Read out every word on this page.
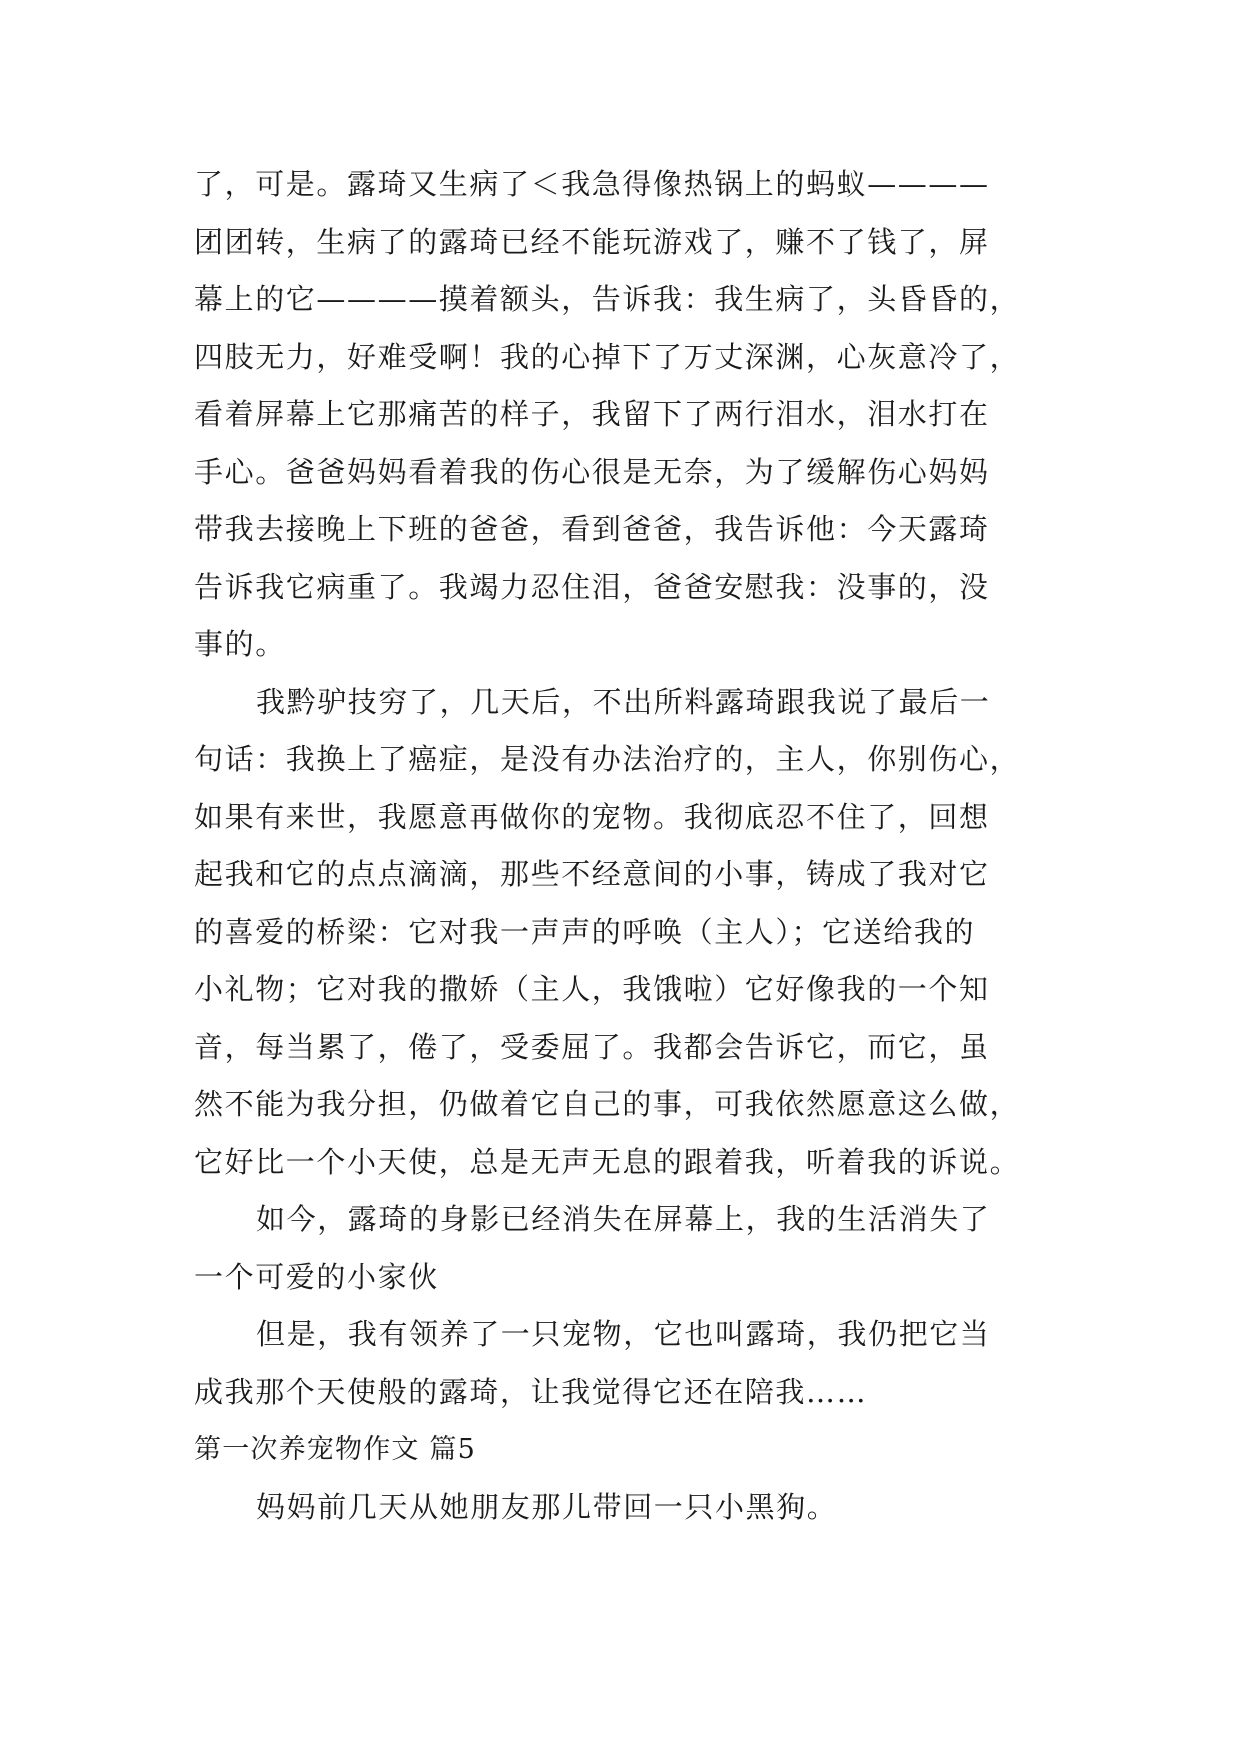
了，可是。露琦又生病了＜我急得像热锅上的蚂蚁————
团团转，生病了的露琦已经不能玩游戏了，赚不了钱了，屏
幕上的它————摸着额头，告诉我：我生病了，头昏昏的，
四肢无力，好难受啊！我的心掉下了万丈深渊，心灰意冷了，
看着屏幕上它那痛苦的样子，我留下了两行泪水，泪水打在
手心。爸爸妈妈看着我的伤心很是无奈，为了缓解伤心妈妈
带我去接晚上下班的爸爸，看到爸爸，我告诉他：今天露琦
告诉我它病重了。我竭力忍住泪，爸爸安慰我：没事的，没
事的。
我黔驴技穷了，几天后，不出所料露琦跟我说了最后一
句话：我换上了癌症，是没有办法治疗的，主人，你别伤心，
如果有来世，我愿意再做你的宠物。我彻底忍不住了，回想
起我和它的点点滴滴，那些不经意间的小事，铸成了我对它
的喜爱的桥梁：它对我一声声的呼唤（主人）；它送给我的
小礼物；它对我的撒娇（主人，我饿啦）它好像我的一个知
音，每当累了，倦了，受委屈了。我都会告诉它，而它，虽
然不能为我分担，仍做着它自己的事，可我依然愿意这么做，
它好比一个小天使，总是无声无息的跟着我，听着我的诉说。
如今，露琦的身影已经消失在屏幕上，我的生活消失了
一个可爱的小家伙
但是，我有领养了一只宠物，它也叫露琦，我仍把它当
成我那个天使般的露琦，让我觉得它还在陪我……
第一次养宠物作文 篇5
妈妈前几天从她朋友那儿带回一只小黑狗。
